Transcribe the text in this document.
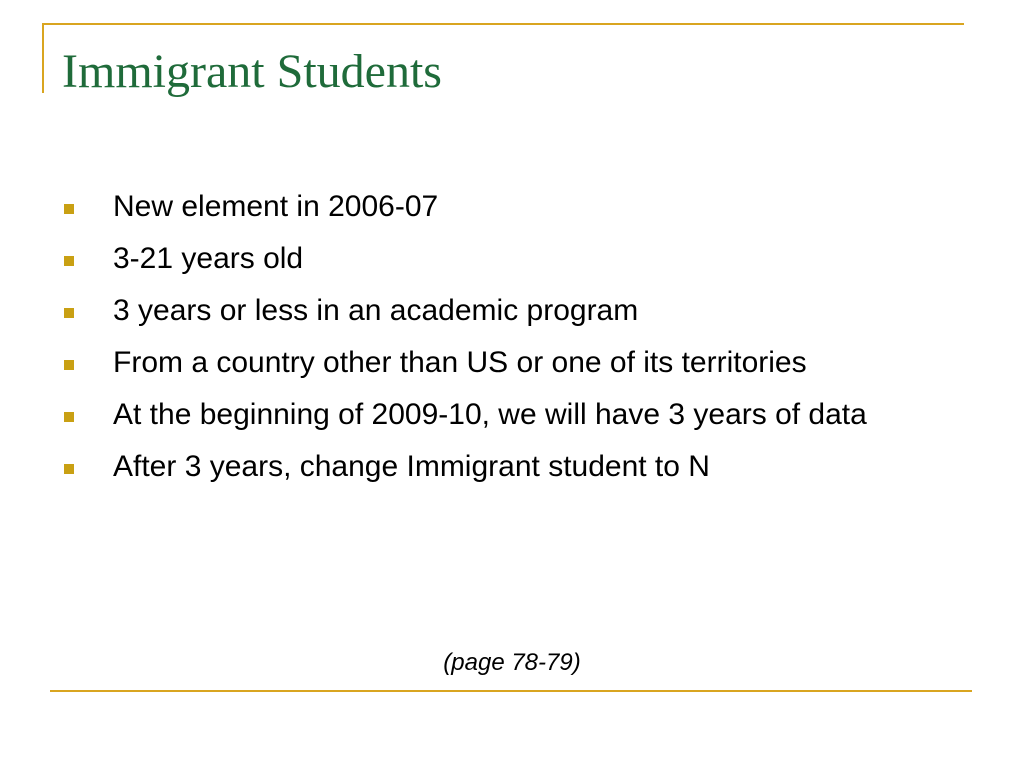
Immigrant Students
New element in 2006-07
3-21 years old
3 years or less in an academic program
From a country other than US or one of its territories
At the beginning of 2009-10, we will have 3 years of data
After 3 years, change Immigrant student to N
(page 78-79)
